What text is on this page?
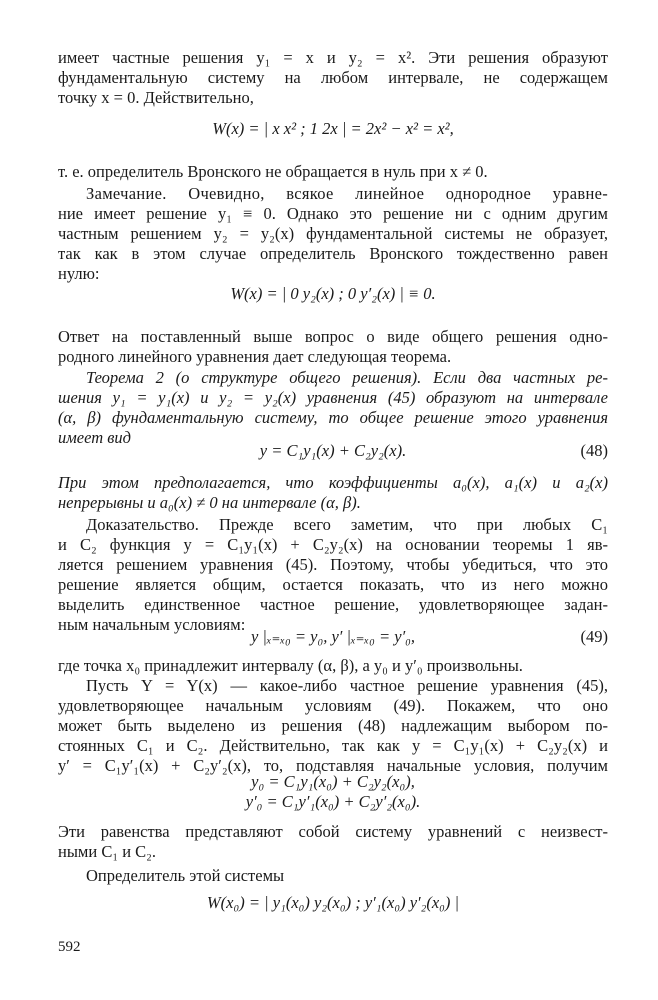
имеет частные решения y₁ = x и y₂ = x². Эти решения образуют
фундаментальную систему на любом интервале, не содержащем
точку x = 0. Действительно,
W(x) = | x x² ; 1 2x | = 2x² − x² = x²,
т. е. определитель Вронского не обращается в нуль при x ≠ 0.
Замечание. Очевидно, всякое линейное однородное уравне-
ние имеет решение y₁ ≡ 0. Однако это решение ни с одним другим
частным решением y₂ = y₂(x) фундаментальной системы не образует,
так как в этом случае определитель Вронского тождественно равен
нулю:
W(x) = | 0 y₂(x) ; 0 y′₂(x) | ≡ 0.
Ответ на поставленный выше вопрос о виде общего решения одно-
родного линейного уравнения дает следующая теорема.
Теорема 2 (о структуре общего решения). Если два частных ре-
шения y₁ = y₁(x) и y₂ = y₂(x) уравнения (45) образуют на интервале
(α, β) фундаментальную систему, то общее решение этого уравнения
имеет вид
y = C₁y₁(x) + C₂y₂(x).	(48)
При этом предполагается, что коэффициенты a₀(x), a₁(x) и a₂(x)
непрерывны и a₀(x) ≠ 0 на интервале (α, β).
Доказательство. Прежде всего заметим, что при любых C₁
и C₂ функция y = C₁y₁(x) + C₂y₂(x) на основании теоремы 1 яв-
ляется решением уравнения (45). Поэтому, чтобы убедиться, что это
решение является общим, остается показать, что из него можно
выделить единственное частное решение, удовлетворяющее задан-
ным начальным условиям:
y |ₓ₌ₓ₀ = y₀, y′ |ₓ₌ₓ₀ = y′₀,	(49)
где точка x₀ принадлежит интервалу (α, β), а y₀ и y′₀ произвольны.
Пусть Y = Y(x) — какое-либо частное решение уравнения (45),
удовлетворяющее начальным условиям (49). Покажем, что оно
может быть выделено из решения (48) надлежащим выбором по-
стоянных C₁ и C₂. Действительно, так как y = C₁y₁(x) + C₂y₂(x) и
y′ = C₁y′₁(x) + C₂y′₂(x), то, подставляя начальные условия, получим
y₀ = C₁y₁(x₀) + C₂y₂(x₀),
y′₀ = C₁y′₁(x₀) + C₂y′₂(x₀).
Эти равенства представляют собой систему уравнений с неизвест-
ными C₁ и C₂.
Определитель этой системы
W(x₀) = | y₁(x₀) y₂(x₀) ; y′₁(x₀) y′₂(x₀) |
592
